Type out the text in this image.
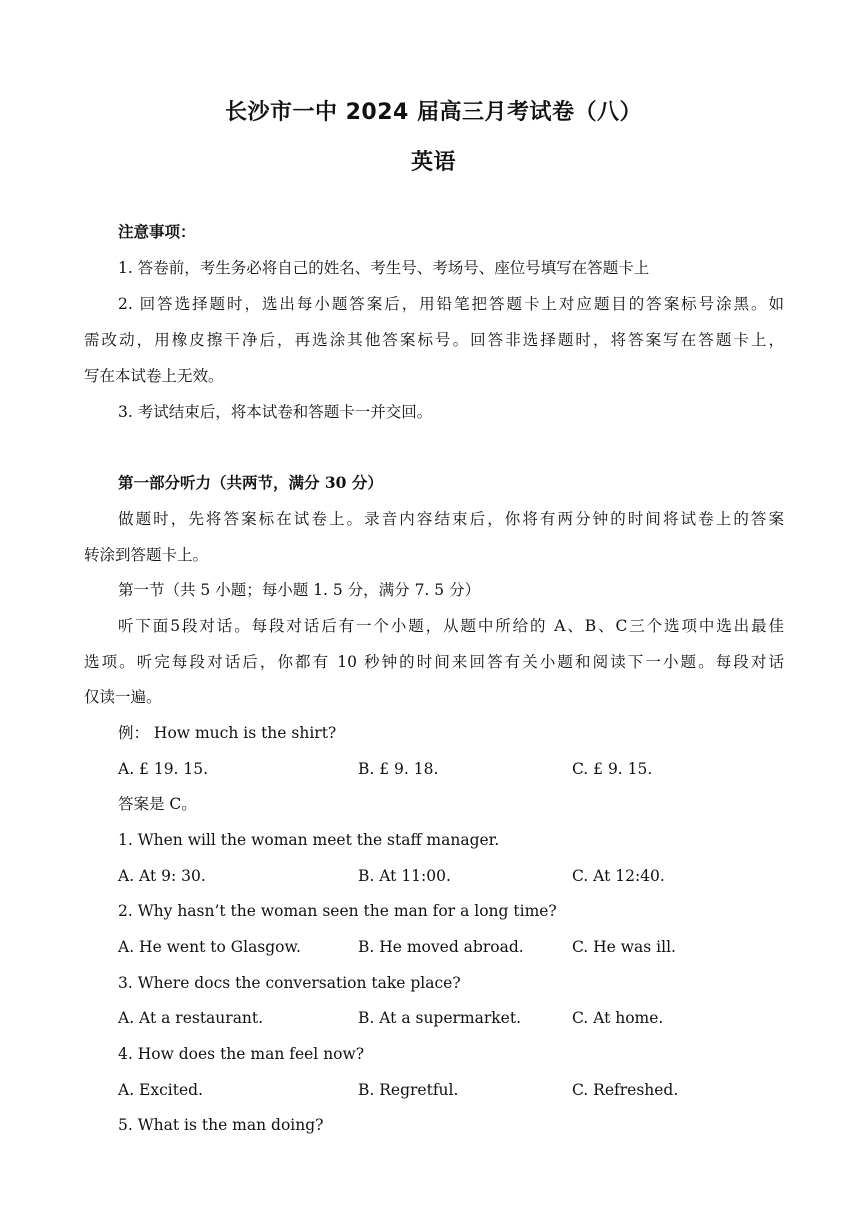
长沙市一中 2024 届高三月考试卷（八）
英语
注意事项：
1. 答卷前，考生务必将自己的姓名、考生号、考场号、座位号填写在答题卡上
2. 回答选择题时，选出每小题答案后，用铅笔把答题卡上对应题目的答案标号涂黑。如
需改动，用橡皮擦干净后，再选涂其他答案标号。回答非选择题时，将答案写在答题卡上，
写在本试卷上无效。
3. 考试结束后，将本试卷和答题卡一并交回。
第一部分听力（共两节，满分 30 分）
做题时，先将答案标在试卷上。录音内容结束后，你将有两分钟的时间将试卷上的答案
转涂到答题卡上。
第一节（共 5 小题；每小题 1. 5 分，满分 7. 5 分）
听下面5段对话。每段对话后有一个小题，从题中所给的 A、B、C三个选项中选出最佳
选项。听完每段对话后，你都有 10 秒钟的时间来回答有关小题和阅读下一小题。每段对话
仅读一遍。
例： How much is the shirt?
A. £ 19. 15.	B. £ 9. 18.	C. £ 9. 15.
答案是 C。
1. When will the woman meet the staff manager.
A. At 9: 30.	B. At 11:00.	C. At 12:40.
2. Why hasn’t the woman seen the man for a long time?
A. He went to Glasgow.	B. He moved abroad.	C. He was ill.
3. Where docs the conversation take place?
A. At a restaurant.	B. At a supermarket.	C. At home.
4. How does the man feel now?
A. Excited.	B. Regretful.	C. Refreshed.
5. What is the man doing?
